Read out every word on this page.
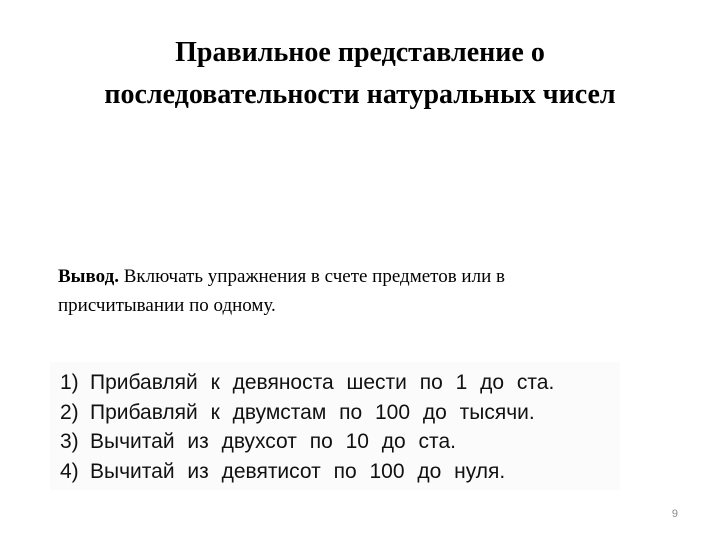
Правильное представление о
последовательности натуральных чисел
Вывод. Включать упражнения в счете предметов или в
присчитывании по одному.
1) Прибавляй к девяноста шести по 1 до ста.
2) Прибавляй к двумстам по 100 до тысячи.
3) Вычитай из двухсот по 10 до ста.
4) Вычитай из девятисот по 100 до нуля.
9
